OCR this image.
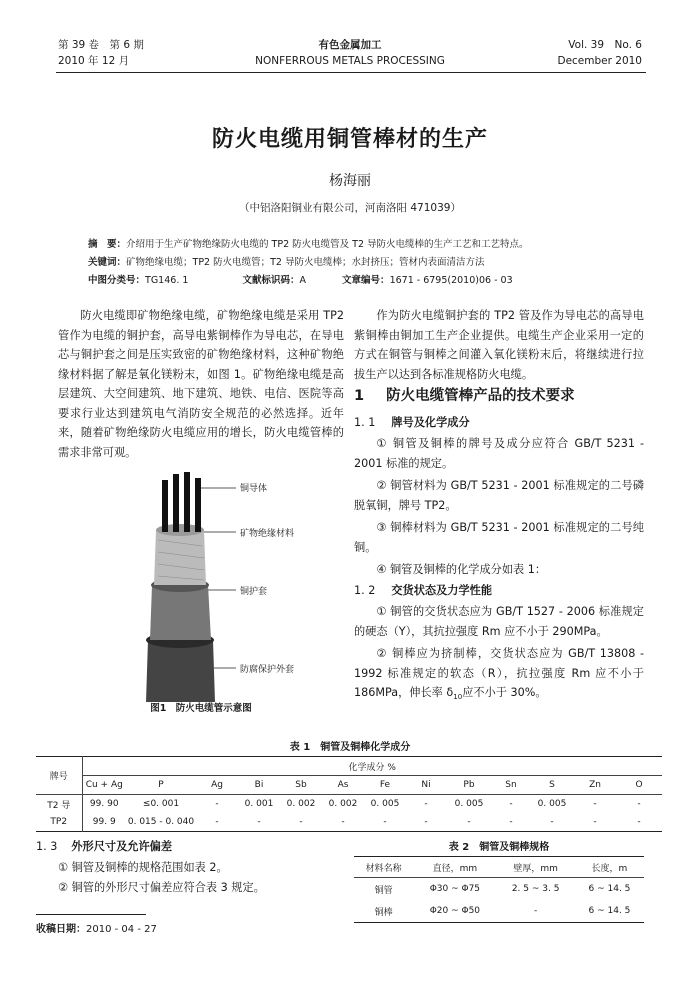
第 39 卷　第 6 期
2010 年 12 月
有色金属加工
NONFERROUS METALS PROCESSING
Vol. 39　No. 6
December 2010
防火电缆用铜管棒材的生产
杨海丽
（中铝洛阳铜业有限公司，河南洛阳 471039）
摘　要：介绍用于生产矿物绝缘防火电缆的 TP2 防火电缆管及 T2 导防火电缆棒的生产工艺和工艺特点。
关键词：矿物绝缘电缆；TP2 防火电缆管；T2 导防火电缆棒；水封挤压；管材内表面清洁方法
中图分类号：TG146. 1	文献标识码：A	文章编号：1671 - 6795(2010)06 - 03
防火电缆即矿物绝缘电缆，矿物绝缘电缆是采用 TP2 管作为电缆的铜护套，高导电紫铜棒作为导电芯，在导电芯与铜护套之间是压实致密的矿物绝缘材料，这种矿物绝缘材料据了解是氧化镁粉末，如图 1。矿物绝缘电缆是高层建筑、大空间建筑、地下建筑、地铁、电信、医院等高要求行业达到建筑电气消防安全规范的必然选择。近年来，随着矿物绝缘防火电缆应用的增长，防火电缆管棒的需求非常可观。
铜导体
矿物绝缘材料
铜护套
防腐保护外套
图1　防火电缆管示意图
作为防火电缆铜护套的 TP2 管及作为导电芯的高导电紫铜棒由铜加工生产企业提供。电缆生产企业采用一定的方式在铜管与铜棒之间灌入氧化镁粉末后，将继续进行拉拔生产以达到各标准规格防火电缆。
1 防火电缆管棒产品的技术要求
1. 1 牌号及化学成分
① 铜管及铜棒的牌号及成分应符合 GB/T 5231 - 2001 标准的规定。
② 铜管材料为 GB/T 5231 - 2001 标准规定的二号磷脱氧铜，牌号 TP2。
③ 铜棒材料为 GB/T 5231 - 2001 标准规定的二号纯铜。
④ 铜管及铜棒的化学成分如表 1：
1. 2 交货状态及力学性能
① 铜管的交货状态应为 GB/T 1527 - 2006 标准规定的硬态（Y），其抗拉强度 Rm 应不小于 290MPa。
② 铜棒应为挤制棒，交货状态应为 GB/T 13808 - 1992 标准规定的软态（R），抗拉强度 Rm 应不小于 186MPa，伸长率 $\delta_{10}$应不小于 30%。
表 1　铜管及铜棒化学成分
牌号	化学成分 %												
	Cu + Ag	P	Ag	Bi	Sb	As	Fe	Ni	Pb	Sn	S	Zn	O
T2 导	99. 90	≤0. 001	-	0. 001	0. 002	0. 002	0. 005	-	0. 005	-	0. 005	-	-
TP2	99. 9	0. 015 - 0. 040	-	-	-	-	-	-	-	-	-	-	-
1. 3 外形尺寸及允许偏差
① 铜管及铜棒的规格范围如表 2。
② 铜管的外形尺寸偏差应符合表 3 规定。
表 2　铜管及铜棒规格
材料名称	直径，mm	壁厚，mm	长度，m
铜管	Φ30 ~ Φ75	2. 5 ~ 3. 5	6 ~ 14. 5
铜棒	Φ20 ~ Φ50	-	6 ~ 14. 5
收稿日期：2010 - 04 - 27
